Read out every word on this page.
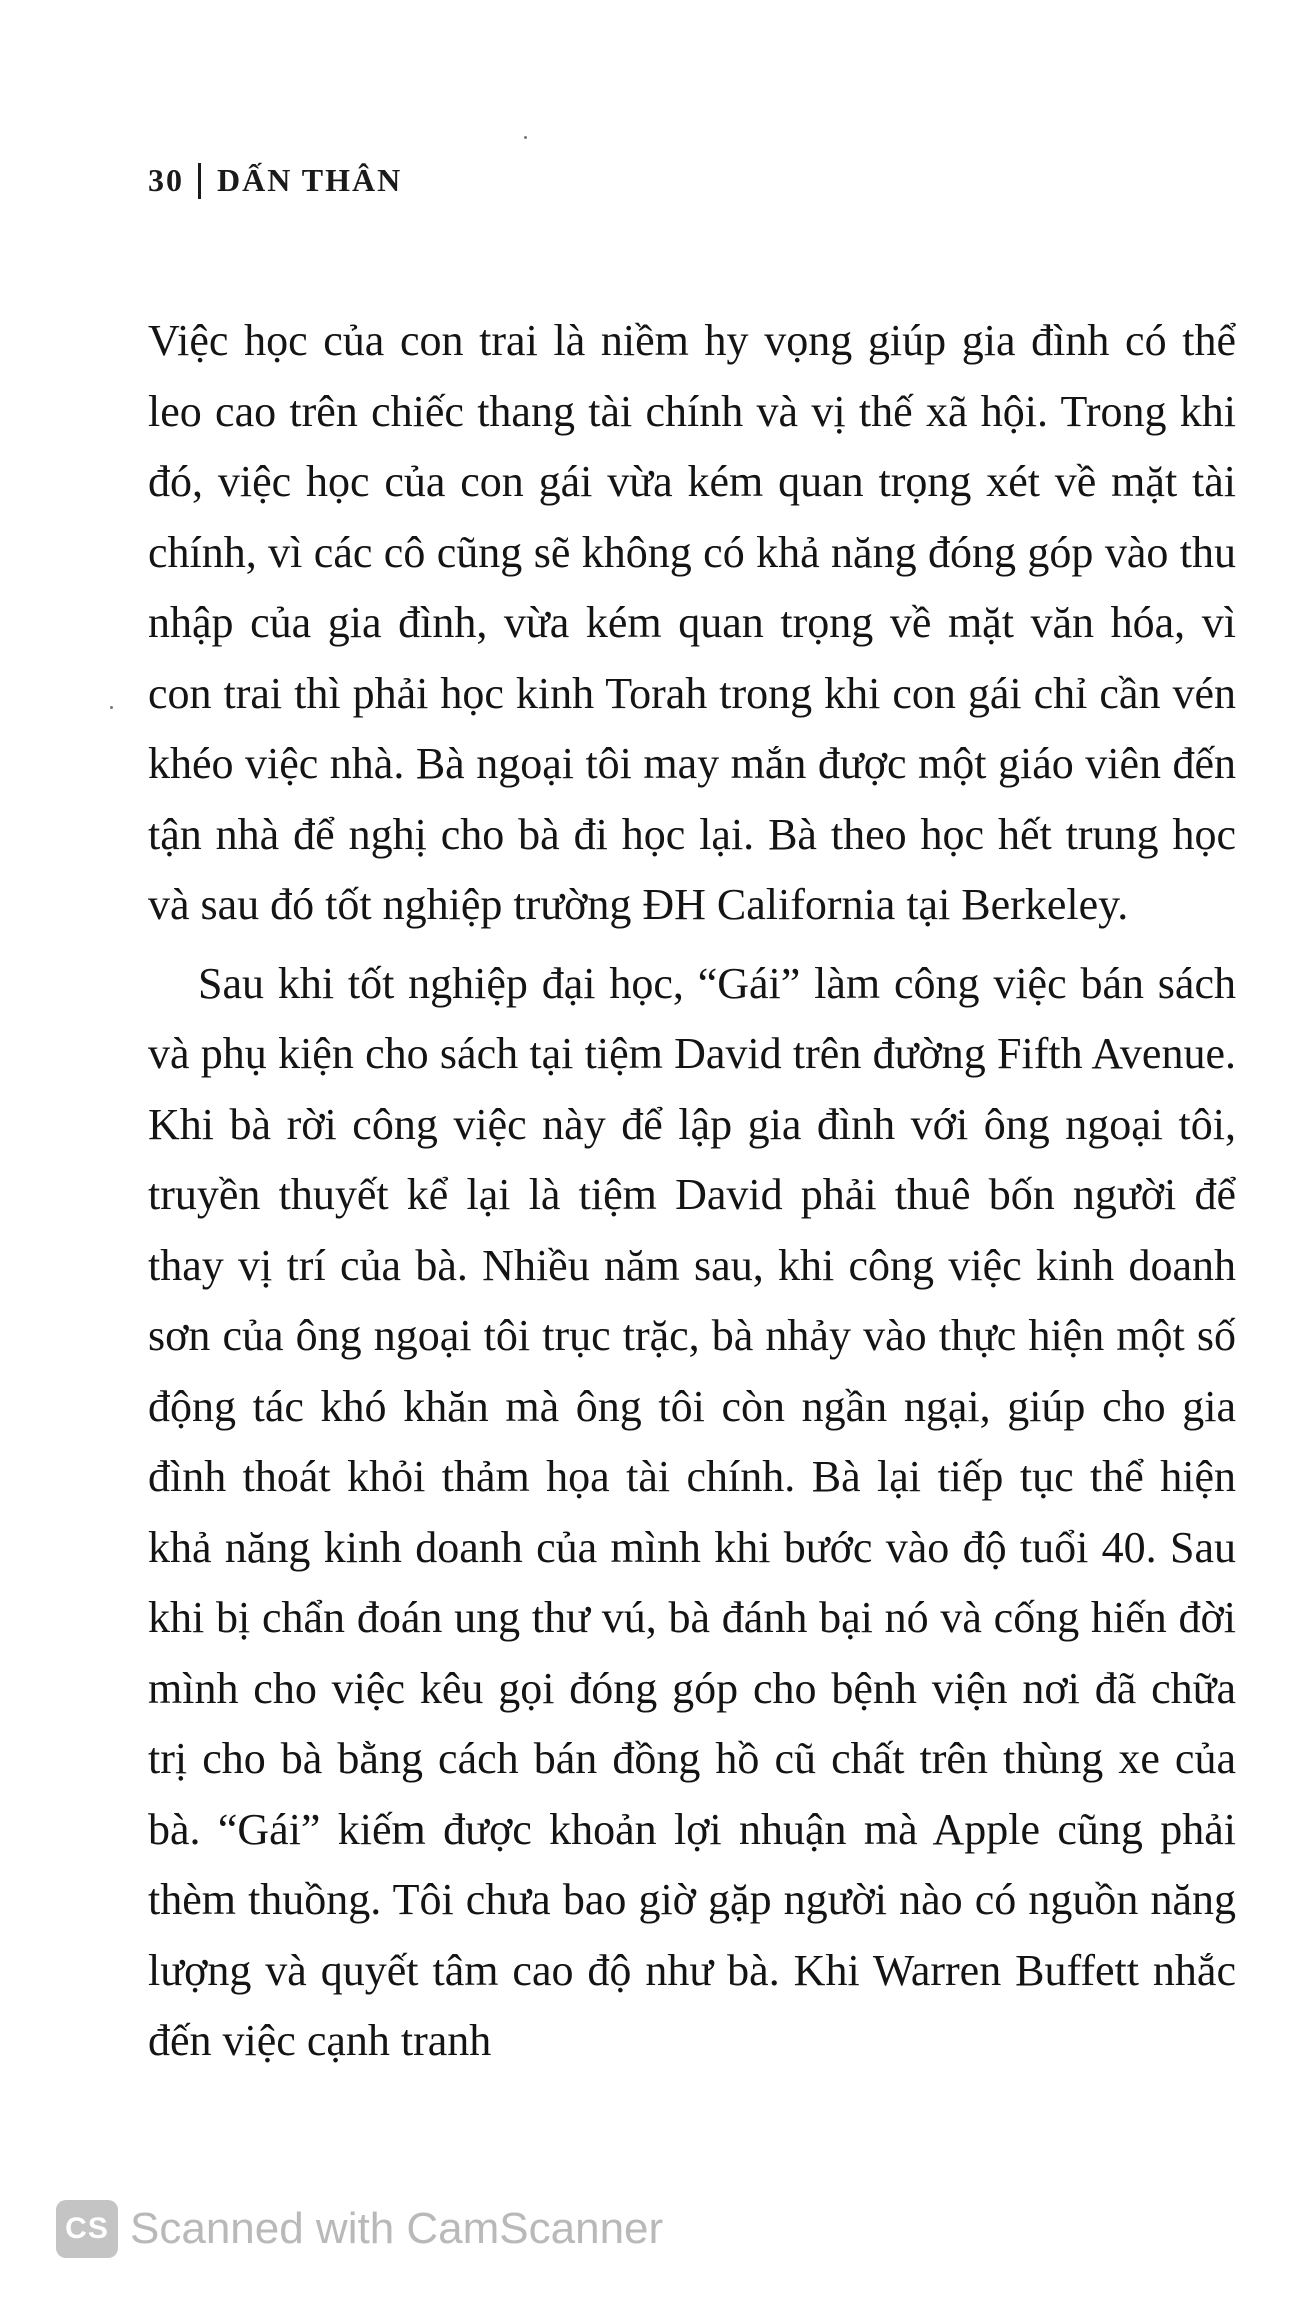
30 DẤN THÂN

Việc học của con trai là niềm hy vọng giúp gia đình có thể leo cao trên chiếc thang tài chính và vị thế xã hội. Trong khi đó, việc học của con gái vừa kém quan trọng xét về mặt tài chính, vì các cô cũng sẽ không có khả năng đóng góp vào thu nhập của gia đình, vừa kém quan trọng về mặt văn hóa, vì con trai thì phải học kinh Torah trong khi con gái chỉ cần vén khéo việc nhà. Bà ngoại tôi may mắn được một giáo viên đến tận nhà để nghị cho bà đi học lại. Bà theo học hết trung học và sau đó tốt nghiệp trường ĐH California tại Berkeley.

Sau khi tốt nghiệp đại học, “Gái” làm công việc bán sách và phụ kiện cho sách tại tiệm David trên đường Fifth Avenue. Khi bà rời công việc này để lập gia đình với ông ngoại tôi, truyền thuyết kể lại là tiệm David phải thuê bốn người để thay vị trí của bà. Nhiều năm sau, khi công việc kinh doanh sơn của ông ngoại tôi trục trặc, bà nhảy vào thực hiện một số động tác khó khăn mà ông tôi còn ngần ngại, giúp cho gia đình thoát khỏi thảm họa tài chính. Bà lại tiếp tục thể hiện khả năng kinh doanh của mình khi bước vào độ tuổi 40. Sau khi bị chẩn đoán ung thư vú, bà đánh bại nó và cống hiến đời mình cho việc kêu gọi đóng góp cho bệnh viện nơi đã chữa trị cho bà bằng cách bán đồng hồ cũ chất trên thùng xe của bà. “Gái” kiếm được khoản lợi nhuận mà Apple cũng phải thèm thuồng. Tôi chưa bao giờ gặp người nào có nguồn năng lượng và quyết tâm cao độ như bà. Khi Warren Buffett nhắc đến việc cạnh tranh

CS Scanned with CamScanner
